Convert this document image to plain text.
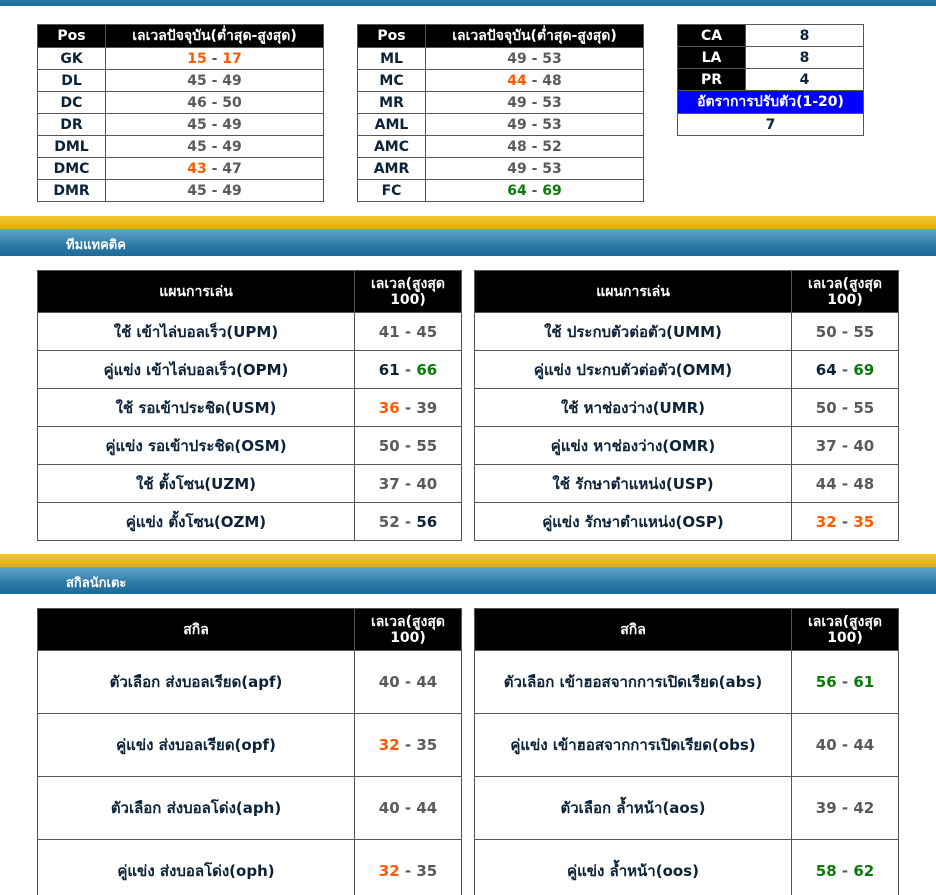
Pos	เลเวลปัจจุบัน(ต่ำสุด-สูงสุด)
GK	15 - 17
DL	45 - 49
DC	46 - 50
DR	45 - 49
DML	45 - 49
DMC	43 - 47
DMR	45 - 49
Pos	เลเวลปัจจุบัน(ต่ำสุด-สูงสุด)
ML	49 - 53
MC	44 - 48
MR	49 - 53
AML	49 - 53
AMC	48 - 52
AMR	49 - 53
FC	64 - 69
CA	8
LA	8
PR	4
อัตราการปรับตัว(1-20)	
7	
ทีมแทคติค
แผนการเล่น	เลเวล(สูงสุด 100)
ใช้ เข้าไล่บอลเร็ว(UPM)	41 - 45
คู่แข่ง เข้าไล่บอลเร็ว(OPM)	61 - 66
ใช้ รอเข้าประชิด(USM)	36 - 39
คู่แข่ง รอเข้าประชิด(OSM)	50 - 55
ใช้ ตั้งโซน(UZM)	37 - 40
คู่แข่ง ตั้งโซน(OZM)	52 - 56
แผนการเล่น	เลเวล(สูงสุด 100)
ใช้ ประกบตัวต่อตัว(UMM)	50 - 55
คู่แข่ง ประกบตัวต่อตัว(OMM)	64 - 69
ใช้ หาช่องว่าง(UMR)	50 - 55
คู่แข่ง หาช่องว่าง(OMR)	37 - 40
ใช้ รักษาตำแหน่ง(USP)	44 - 48
คู่แข่ง รักษาตำแหน่ง(OSP)	32 - 35
สกิลนักเตะ
สกิล	เลเวล(สูงสุด 100)
ตัวเลือก ส่งบอลเรียด(apf)	40 - 44
คู่แข่ง ส่งบอลเรียด(opf)	32 - 35
ตัวเลือก ส่งบอลโด่ง(aph)	40 - 44
คู่แข่ง ส่งบอลโด่ง(oph)	32 - 35
สกิล	เลเวล(สูงสุด 100)
ตัวเลือก เข้าฮอสจากการเปิดเรียด(abs)	56 - 61
คู่แข่ง เข้าฮอสจากการเปิดเรียด(obs)	40 - 44
ตัวเลือก ล้ำหน้า(aos)	39 - 42
คู่แข่ง ล้ำหน้า(oos)	58 - 62
